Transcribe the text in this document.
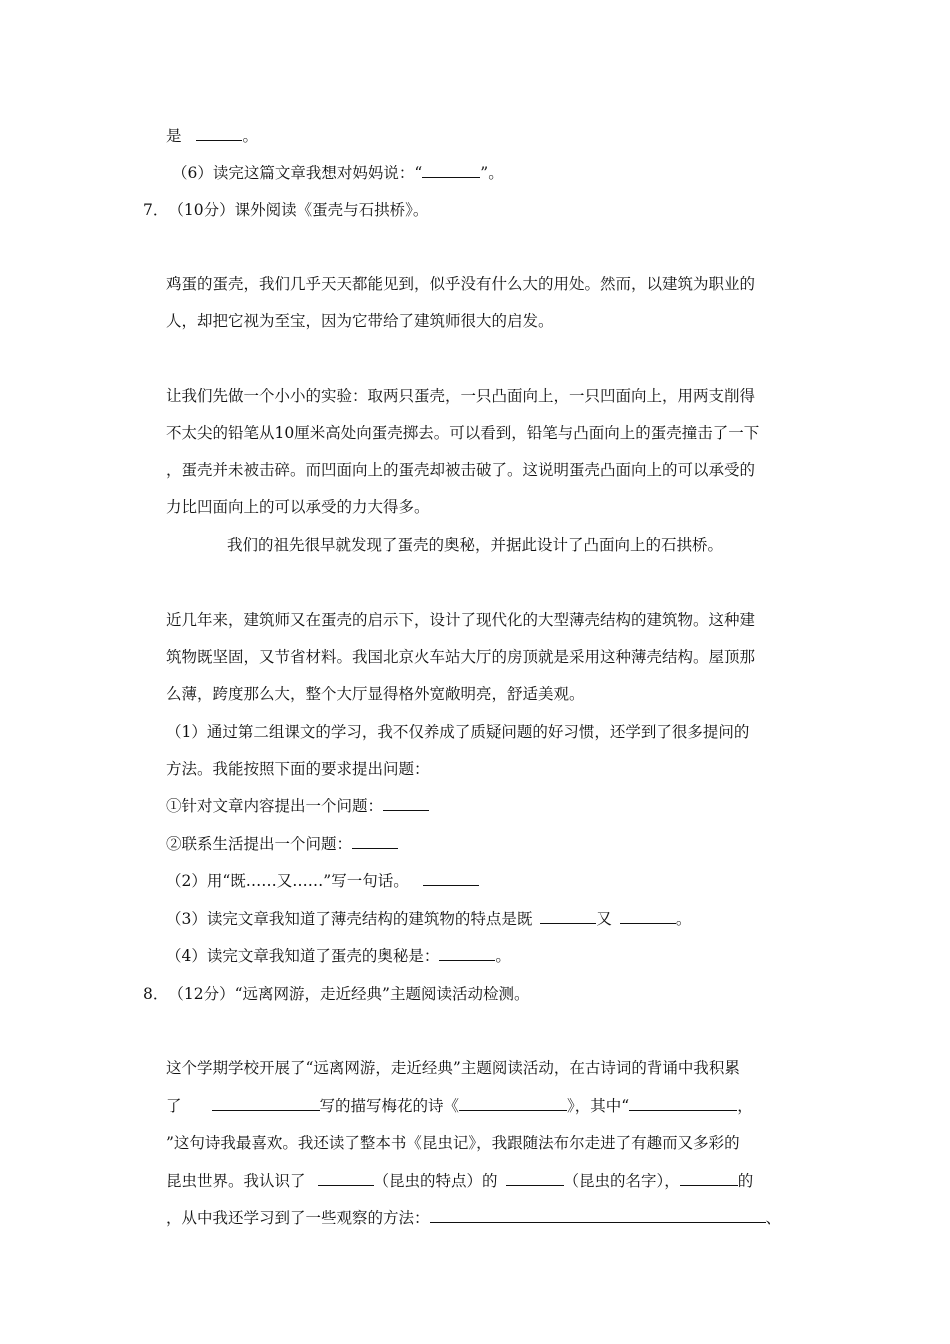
是	。
（6）读完这篇文章我想对妈妈说：“	”。
7．（10分）课外阅读《蛋壳与石拱桥》。
鸡蛋的蛋壳，我们几乎天天都能见到，似乎没有什么大的用处。然而，以建筑为职业的
人，却把它视为至宝，因为它带给了建筑师很大的启发。
让我们先做一个小小的实验：取两只蛋壳，一只凸面向上，一只凹面向上，用两支削得
不太尖的铅笔从10厘米高处向蛋壳掷去。可以看到，铅笔与凸面向上的蛋壳撞击了一下
，蛋壳并未被击碎。而凹面向上的蛋壳却被击破了。这说明蛋壳凸面向上的可以承受的
力比凹面向上的可以承受的力大得多。
我们的祖先很早就发现了蛋壳的奥秘，并据此设计了凸面向上的石拱桥。
近几年来，建筑师又在蛋壳的启示下，设计了现代化的大型薄壳结构的建筑物。这种建
筑物既坚固，又节省材料。我国北京火车站大厅的房顶就是采用这种薄壳结构。屋顶那
么薄，跨度那么大，整个大厅显得格外宽敞明亮，舒适美观。
（1）通过第二组课文的学习，我不仅养成了质疑问题的好习惯，还学到了很多提问的
方法。我能按照下面的要求提出问题：
①针对文章内容提出一个问题：
②联系生活提出一个问题：
（2）用“既……又……”写一句话。
（3）读完文章我知道了薄壳结构的建筑物的特点是既	又	。
（4）读完文章我知道了蛋壳的奥秘是：	。
8．（12分）“远离网游，走近经典”主题阅读活动检测。
这个学期学校开展了“远离网游，走近经典”主题阅读活动，在古诗词的背诵中我积累
了	写的描写梅花的诗《	》，其中“	，
”这句诗我最喜欢。我还读了整本书《昆虫记》，我跟随法布尔走进了有趣而又多彩的
昆虫世界。我认识了	（昆虫的特点）的	（昆虫的名字），	的
，从中我还学习到了一些观察的方法：	、
